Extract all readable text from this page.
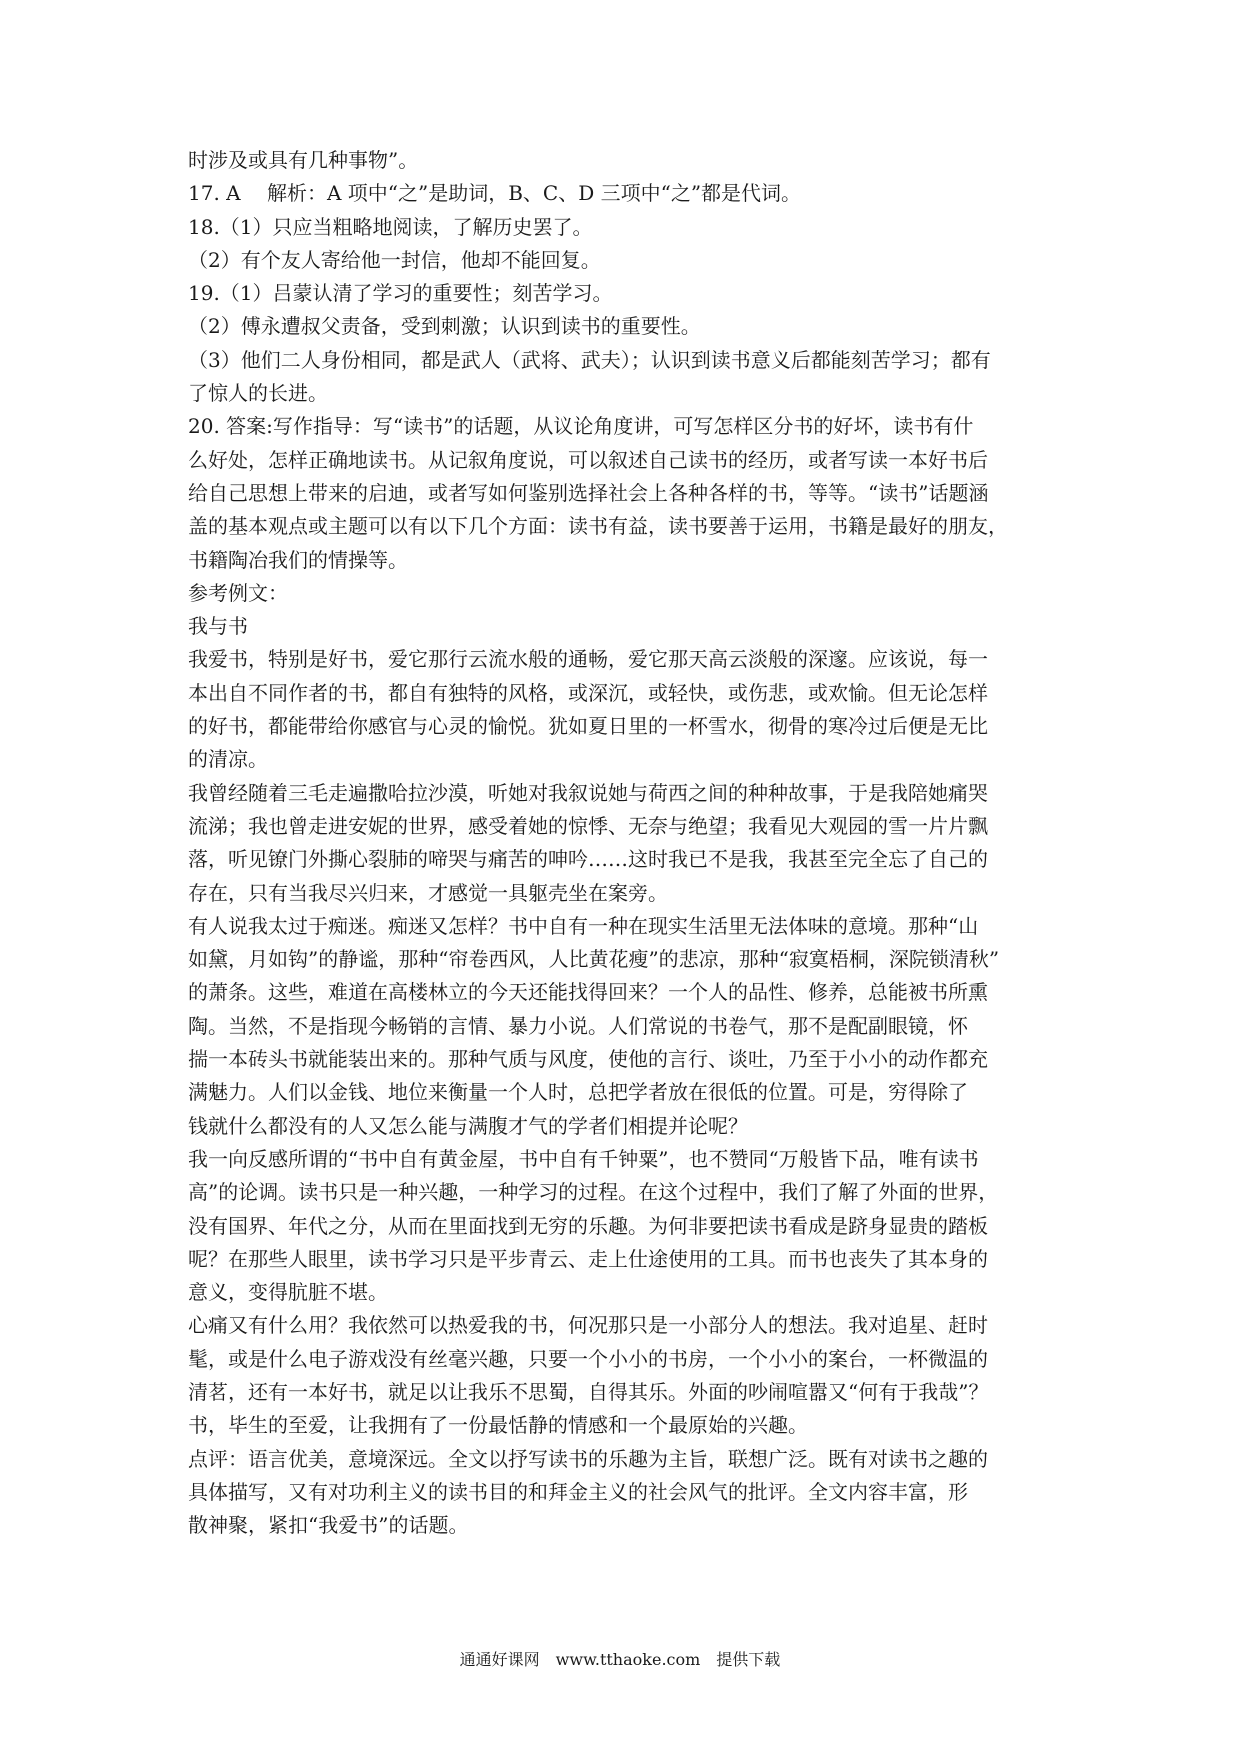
时涉及或具有几种事物”。

17. A　 解析：A 项中“之”是助词，B、C、D 三项中“之”都是代词。

18.（1）只应当粗略地阅读，了解历史罢了。

（2）有个友人寄给他一封信，他却不能回复。

19.（1）吕蒙认清了学习的重要性；刻苦学习。

（2）傅永遭叔父责备，受到刺激；认识到读书的重要性。

（3）他们二人身份相同，都是武人（武将、武夫）；认识到读书意义后都能刻苦学习；都有

了惊人的长进。

20. 答案:写作指导：写“读书”的话题，从议论角度讲，可写怎样区分书的好坏，读书有什

么好处，怎样正确地读书。从记叙角度说，可以叙述自己读书的经历，或者写读一本好书后

给自己思想上带来的启迪，或者写如何鉴别选择社会上各种各样的书，等等。“读书”话题涵

盖的基本观点或主题可以有以下几个方面：读书有益，读书要善于运用，书籍是最好的朋友，

书籍陶冶我们的情操等。

参考例文：

我与书

我爱书，特别是好书，爱它那行云流水般的通畅，爱它那天高云淡般的深邃。应该说，每一

本出自不同作者的书，都自有独特的风格，或深沉，或轻快，或伤悲，或欢愉。但无论怎样

的好书，都能带给你感官与心灵的愉悦。犹如夏日里的一杯雪水，彻骨的寒冷过后便是无比

的清凉。

我曾经随着三毛走遍撒哈拉沙漠，听她对我叙说她与荷西之间的种种故事，于是我陪她痛哭

流涕；我也曾走进安妮的世界，感受着她的惊悸、无奈与绝望；我看见大观园的雪一片片飘

落，听见镣门外撕心裂肺的啼哭与痛苦的呻吟……这时我已不是我，我甚至完全忘了自己的

存在，只有当我尽兴归来，才感觉一具躯壳坐在案旁。

有人说我太过于痴迷。痴迷又怎样？书中自有一种在现实生活里无法体味的意境。那种“山

如黛，月如钩”的静谧，那种“帘卷西风，人比黄花瘦”的悲凉，那种“寂寞梧桐，深院锁清秋”

的萧条。这些，难道在高楼林立的今天还能找得回来？一个人的品性、修养，总能被书所熏

陶。当然，不是指现今畅销的言情、暴力小说。人们常说的书卷气，那不是配副眼镜，怀

揣一本砖头书就能装出来的。那种气质与风度，使他的言行、谈吐，乃至于小小的动作都充

满魅力。人们以金钱、地位来衡量一个人时，总把学者放在很低的位置。可是，穷得除了

钱就什么都没有的人又怎么能与满腹才气的学者们相提并论呢？

我一向反感所谓的“书中自有黄金屋，书中自有千钟粟”，也不赞同“万般皆下品，唯有读书

高”的论调。读书只是一种兴趣，一种学习的过程。在这个过程中，我们了解了外面的世界，

没有国界、年代之分，从而在里面找到无穷的乐趣。为何非要把读书看成是跻身显贵的踏板

呢？在那些人眼里，读书学习只是平步青云、走上仕途使用的工具。而书也丧失了其本身的

意义，变得肮脏不堪。

心痛又有什么用？我依然可以热爱我的书，何况那只是一小部分人的想法。我对追星、赶时

髦，或是什么电子游戏没有丝毫兴趣，只要一个小小的书房，一个小小的案台，一杯微温的

清茗，还有一本好书，就足以让我乐不思蜀，自得其乐。外面的吵闹喧嚣又“何有于我哉”？

书，毕生的至爱，让我拥有了一份最恬静的情感和一个最原始的兴趣。

点评：语言优美，意境深远。全文以抒写读书的乐趣为主旨，联想广泛。既有对读书之趣的

具体描写，又有对功利主义的读书目的和拜金主义的社会风气的批评。全文内容丰富，形

散神聚，紧扣“我爱书”的话题。

通通好课网　www.tthaoke.com　提供下载
